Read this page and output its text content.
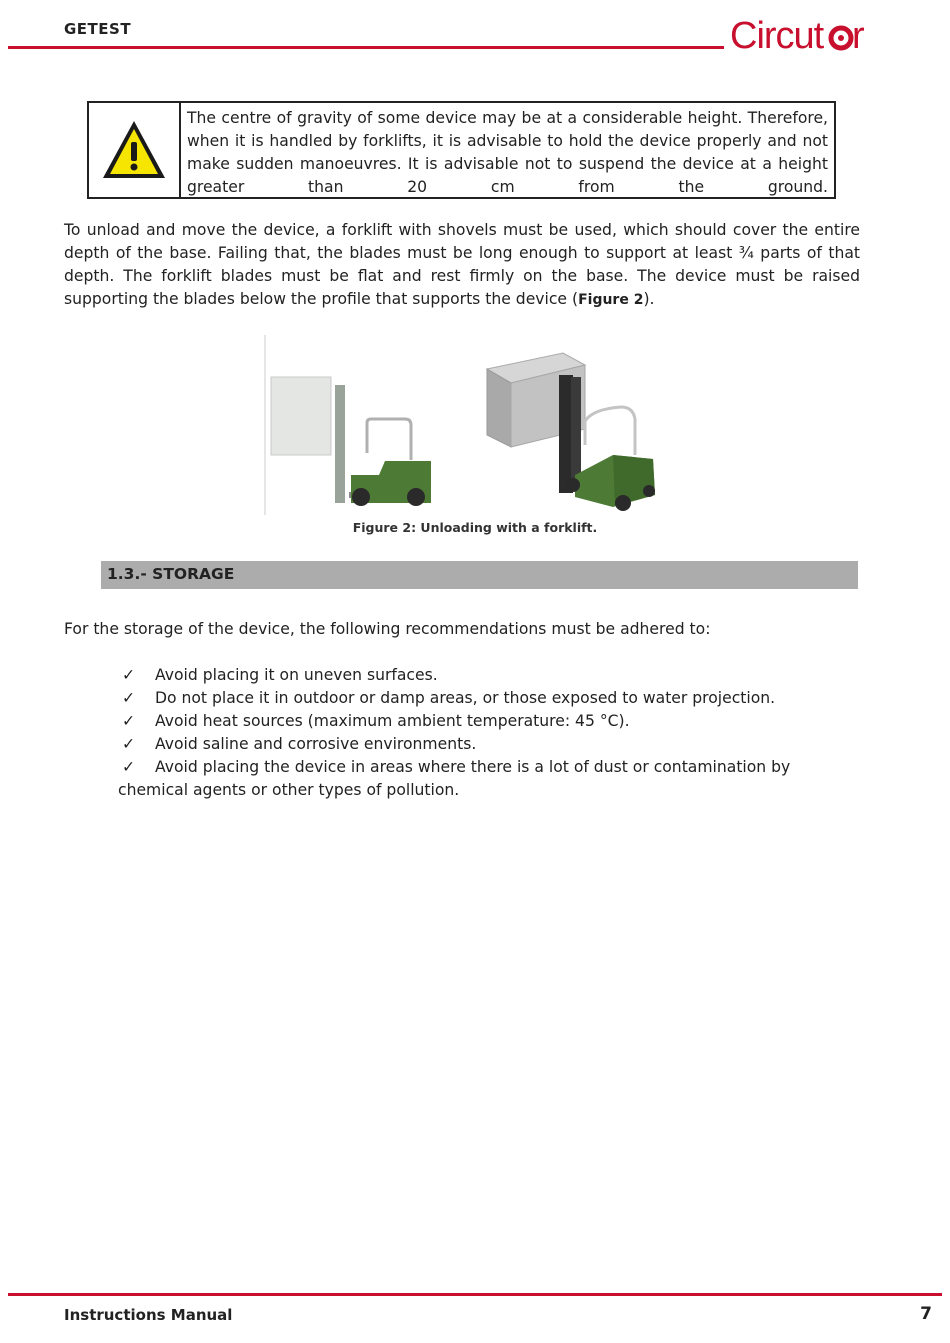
GETEST	Circut r
The centre of gravity of some device may be at a considerable height. Therefore, when it is handled by forklifts, it is advisable to hold the device properly and not make sudden manoeuvres. It is advisable not to suspend the device at a height greater than 20 cm from the ground.

To unload and move the device, a forklift with shovels must be used, which should cover the entire depth of the base. Failing that, the blades must be long enough to support at least ¾ parts of that depth. The forklift blades must be flat and rest firmly on the base. The device must be raised supporting the blades below the profile that supports the device (Figure 2).

Figure 2: Unloading with a forklift.
1.3.- STORAGE

For the storage of the device, the following recommendations must be adhered to:

✓	Avoid placing it on uneven surfaces.
✓	Do not place it in outdoor or damp areas, or those exposed to water projection.
✓	Avoid heat sources (maximum ambient temperature: 45 °C).
✓	Avoid saline and corrosive environments.
✓ Avoid placing the device in areas where there is a lot of dust or contamination by chemical agents or other types of pollution.
Instructions Manual	7
